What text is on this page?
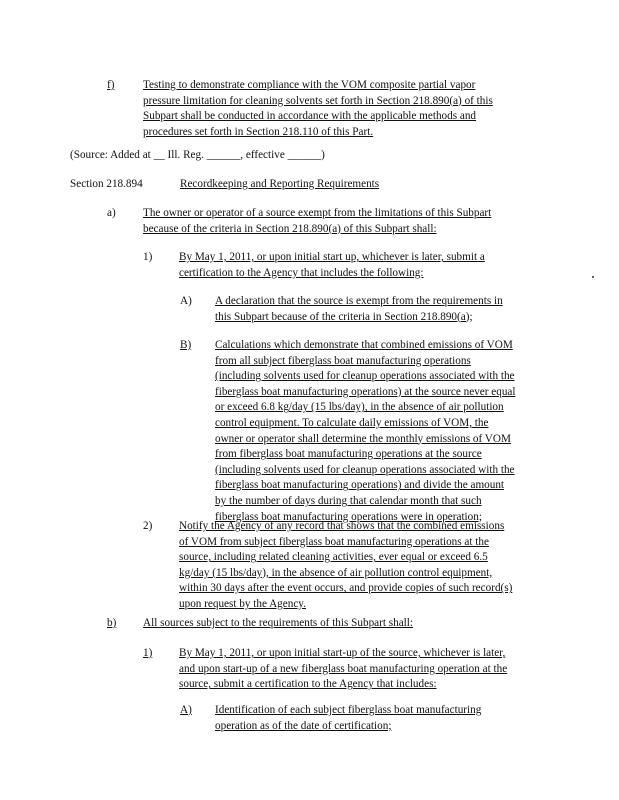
f)	Testing to demonstrate compliance with the VOM composite partial vapor
pressure limitation for cleaning solvents set forth in Section 218.890(a) of this
Subpart shall be conducted in accordance with the applicable methods and
procedures set forth in Section 218.110 of this Part.
(Source: Added at __ Ill. Reg. ______, effective ______)
Section 218.894	Recordkeeping and Reporting Requirements
a) The owner or operator of a source exempt from the limitations of this Subpart
because of the criteria in Section 218.890(a) of this Subpart shall:
1) By May 1, 2011, or upon initial start up, whichever is later, submit a
certification to the Agency that includes the following:
A) A declaration that the source is exempt from the requirements in
this Subpart because of the criteria in Section 218.890(a);
B) Calculations which demonstrate that combined emissions of VOM
from all subject fiberglass boat manufacturing operations
(including solvents used for cleanup operations associated with the
fiberglass boat manufacturing operations) at the source never equal
or exceed 6.8 kg/day (15 lbs/day), in the absence of air pollution
control equipment. To calculate daily emissions of VOM, the
owner or operator shall determine the monthly emissions of VOM
from fiberglass boat manufacturing operations at the source
(including solvents used for cleanup operations associated with the
fiberglass boat manufacturing operations) and divide the amount
by the number of days during that calendar month that such
fiberglass boat manufacturing operations were in operation;
2) Notify the Agency of any record that shows that the combined emissions
of VOM from subject fiberglass boat manufacturing operations at the
source, including related cleaning activities, ever equal or exceed 6.5
kg/day (15 lbs/day), in the absence of air pollution control equipment,
within 30 days after the event occurs, and provide copies of such record(s)
upon request by the Agency.
b) All sources subject to the requirements of this Subpart shall:
1) By May 1, 2011, or upon initial start-up of the source, whichever is later,
and upon start-up of a new fiberglass boat manufacturing operation at the
source, submit a certification to the Agency that includes:
A) Identification of each subject fiberglass boat manufacturing
operation as of the date of certification;
